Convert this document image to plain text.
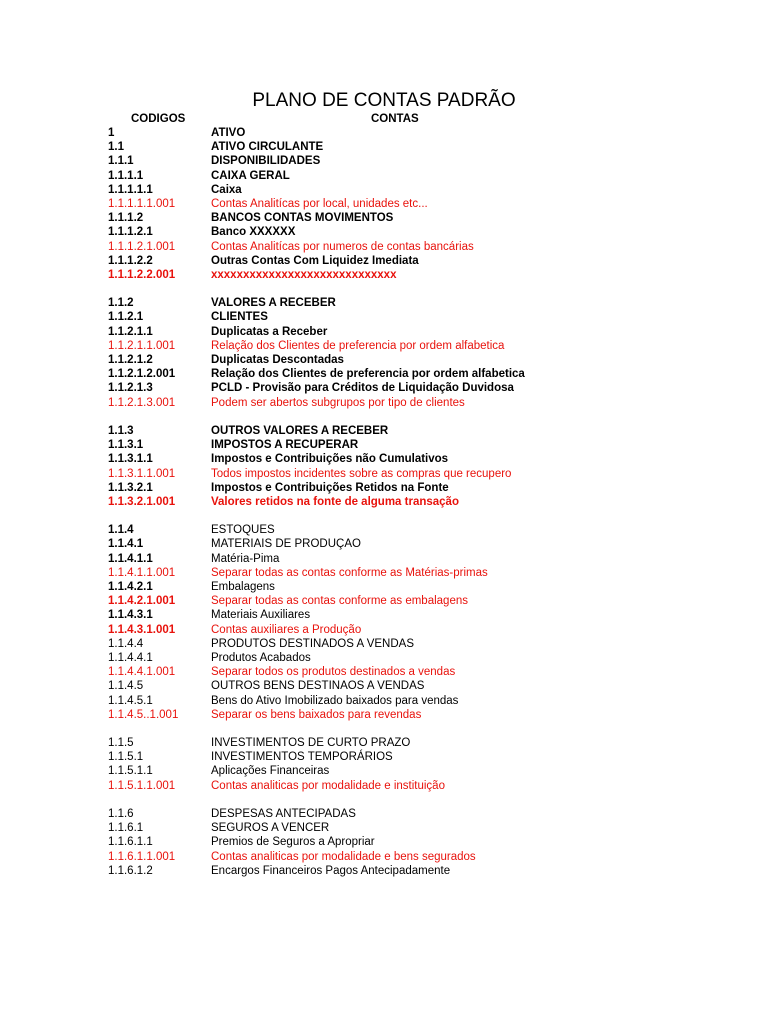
PLANO DE CONTAS PADRÃO
CODIGOS	CONTAS
1	ATIVO
1.1	ATIVO CIRCULANTE
1.1.1	DISPONIBILIDADES
1.1.1.1	CAIXA GERAL
1.1.1.1.1	Caixa
1.1.1.1.1.001	Contas Analitícas por local, unidades etc...
1.1.1.2	BANCOS CONTAS MOVIMENTOS
1.1.1.2.1	Banco XXXXXX
1.1.1.2.1.001	Contas Analitícas por numeros de contas bancárias
1.1.1.2.2	Outras Contas Com Liquidez Imediata
1.1.1.2.2.001	xxxxxxxxxxxxxxxxxxxxxxxxxxxxx
1.1.2	VALORES A RECEBER
1.1.2.1	CLIENTES
1.1.2.1.1	Duplicatas a Receber
1.1.2.1.1.001	Relação dos Clientes de preferencia por ordem alfabetica
1.1.2.1.2	Duplicatas Descontadas
1.1.2.1.2.001	Relação dos Clientes de preferencia por ordem alfabetica
1.1.2.1.3	PCLD - Provisão para Créditos de Liquidação Duvidosa
1.1.2.1.3.001	Podem ser abertos subgrupos por tipo de clientes
1.1.3	OUTROS VALORES A RECEBER
1.1.3.1	IMPOSTOS A RECUPERAR
1.1.3.1.1	Impostos e Contribuições não Cumulativos
1.1.3.1.1.001	Todos impostos incidentes sobre as compras que recupero
1.1.3.2.1	Impostos e Contribuições Retidos na Fonte
1.1.3.2.1.001	Valores retidos na fonte de alguma transação
1.1.4	ESTOQUES
1.1.4.1	MATERIAIS DE PRODUÇAO
1.1.4.1.1	Matéria-Pima
1.1.4.1.1.001	Separar todas as contas conforme as Matérias-primas
1.1.4.2.1	Embalagens
1.1.4.2.1.001	Separar todas as contas conforme as embalagens
1.1.4.3.1	Materiais Auxiliares
1.1.4.3.1.001	Contas auxiliares a Produção
1.1.4.4	PRODUTOS DESTINADOS A VENDAS
1.1.4.4.1	Produtos Acabados
1.1.4.4.1.001	Separar todos os produtos destinados a vendas
1.1.4.5	OUTROS BENS DESTINAOS A VENDAS
1.1.4.5.1	Bens do Ativo Imobilizado baixados para vendas
1.1.4.5..1.001	Separar os bens baixados para revendas
1.1.5	INVESTIMENTOS DE CURTO PRAZO
1.1.5.1	INVESTIMENTOS TEMPORÁRIOS
1.1.5.1.1	Aplicações Financeiras
1.1.5.1.1.001	Contas analiticas por modalidade e instituição
1.1.6	DESPESAS ANTECIPADAS
1.1.6.1	SEGUROS A VENCER
1.1.6.1.1	Premios de Seguros a Apropriar
1.1.6.1.1.001	Contas analiticas por modalidade e bens segurados
1.1.6.1.2	Encargos Financeiros Pagos Antecipadamente
